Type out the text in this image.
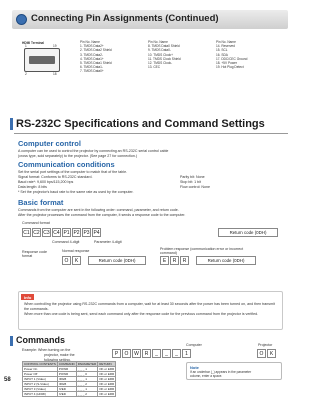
Connecting Pin Assignments (Continued)
HDMI Terminal
1	19
2	18
Pin No. Name
1. TMDS Data2+
2. TMDS Data2 Shield
3. TMDS Data2-
4. TMDS Data1+
5. TMDS Data1 Shield
6. TMDS Data1-
7. TMDS Data0+
Pin No. Name
8. TMDS Data0 Shield
9. TMDS Data0-
10. TMDS Clock+
11. TMDS Clock Shield
12. TMDS Clock-
13. CEC
Pin No. Name
14. Reserved
15. SCL
16. SDA
17. DDC/CEC Ground
18. +5V Power
19. Hot Plug Detect
RS-232C Specifications and Command Settings
Computer control
A computer can be used to control the projector by connecting an RS-232C serial control cable
(cross type, sold separately) to the projector. (See page 27 for connection.)
Communication conditions
Set the serial port settings of the computer to match that of the table.
Signal format: Conforms to RS-232C standard.
Baud rate*: 9,600 bps/115,200 bps
Data length: 8 bits
Parity bit: None
Stop bit: 1 bit
Flow control: None
* Set the projector's baud rate to the same rate as used by the computer.
Basic format
Commands from the computer are sent in the following order: command, parameter, and return code.
After the projector processes the command from the computer, it sends a response code to the computer.
Command format
C1 C2 C3 C4 P1 P2 P3 P4	Return code (0DH)
Command 4-digit	Parameter 4-digit
Response code format
Normal response
O	K	Return code (0DH)
Problem response (communication error or incorrect command)
E	R	R	Return code (0DH)
Info
When controlling the projector using RS-232C commands from a computer, wait for at least 30 seconds after the power has been turned on, and then transmit the commands.
When more than one code is being sent, send each command only after the response code for the previous command from the projector is verified.
Commands
Example: When turning on the
projector, make the
following setting.
Computer	Projector
P	O	W	R	_	_	_	1	O	K
CONTROL CONTENTS	COMMAND	PARAMETER	RETURN
Power On	POWR	_ _ _ 1	OK or ERR
Power Off	POWR	_ _ _ 0	OK or ERR
INPUT 1 (Video)	IRGB	_ _ _ 1	OK or ERR
INPUT 2 (S-Video)	IRGB	_ _ _ 2	OK or ERR
INPUT 3 (Video)	IVED	_ _ _ 1	OK or ERR
INPUT 4 (HDMI)	IVED	_ _ _ 2	OK or ERR
Note
If an underbar (_) appears in the parameter
column, enter a space.
58
